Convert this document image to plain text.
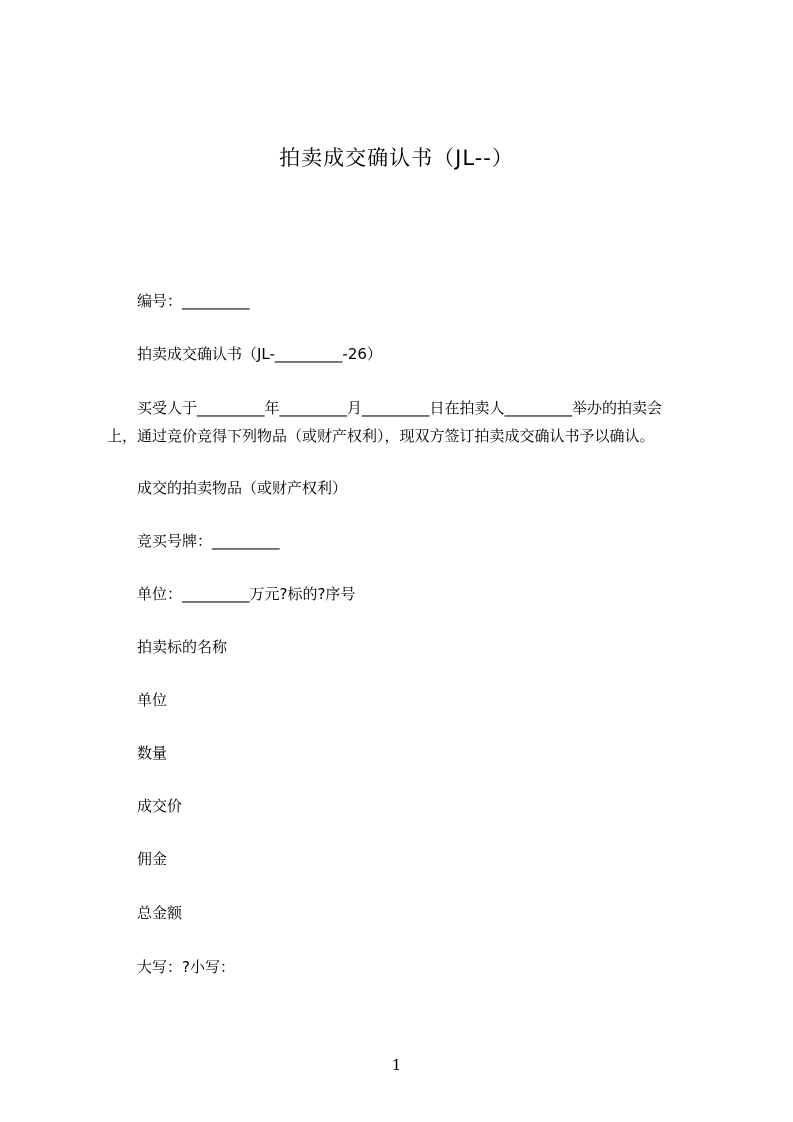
拍卖成交确认书（JL--）
编号：_________
拍卖成交确认书（JL-_________-26）
买受人于_________年_________月_________日在拍卖人_________举办的拍卖会
上，通过竞价竞得下列物品（或财产权利），现双方签订拍卖成交确认书予以确认。
成交的拍卖物品（或财产权利）
竞买号牌：_________
单位：_________万元?标的?序号
拍卖标的名称
单位
数量
成交价
佣金
总金额
大写：?小写：
1
